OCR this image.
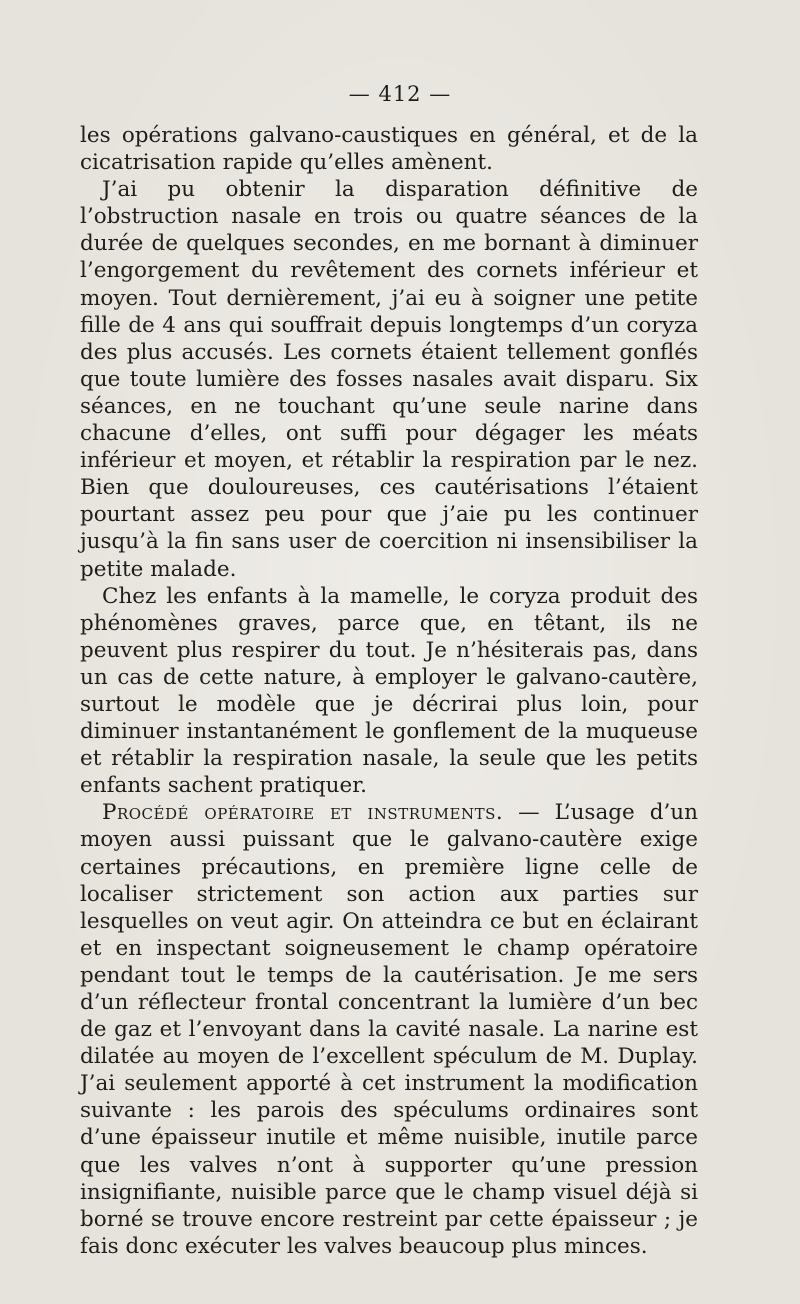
— 412 —

les opérations galvano-caustiques en général, et de la cicatrisation rapide qu’elles amènent.

J’ai pu obtenir la disparation définitive de l’obstruction nasale en trois ou quatre séances de la durée de quelques secondes, en me bornant à diminuer l’engorgement du revêtement des cornets inférieur et moyen. Tout dernièrement, j’ai eu à soigner une petite fille de 4 ans qui souffrait depuis longtemps d’un coryza des plus accusés. Les cornets étaient tellement gonflés que toute lumière des fosses nasales avait disparu. Six séances, en ne touchant qu’une seule narine dans chacune d’elles, ont suffi pour dégager les méats inférieur et moyen, et rétablir la respiration par le nez. Bien que douloureuses, ces cautérisations l’étaient pourtant assez peu pour que j’aie pu les continuer jusqu’à la fin sans user de coercition ni insensibiliser la petite malade.

Chez les enfants à la mamelle, le coryza produit des phénomènes graves, parce que, en têtant, ils ne peuvent plus respirer du tout. Je n’hésiterais pas, dans un cas de cette nature, à employer le galvano-cautère, surtout le modèle que je décrirai plus loin, pour diminuer instantanément le gonflement de la muqueuse et rétablir la respiration nasale, la seule que les petits enfants sachent pratiquer.

Procédé opératoire et instruments. — L’usage d’un moyen aussi puissant que le galvano-cautère exige certaines précautions, en première ligne celle de localiser strictement son action aux parties sur lesquelles on veut agir. On atteindra ce but en éclairant et en inspectant soigneusement le champ opératoire pendant tout le temps de la cautérisation. Je me sers d’un réflecteur frontal concentrant la lumière d’un bec de gaz et l’envoyant dans la cavité nasale. La narine est dilatée au moyen de l’excellent spéculum de M. Duplay. J’ai seulement apporté à cet instrument la modification suivante : les parois des spéculums ordinaires sont d’une épaisseur inutile et même nuisible, inutile parce que les valves n’ont à supporter qu’une pression insignifiante, nuisible parce que le champ visuel déjà si borné se trouve encore restreint par cette épaisseur ; je fais donc exécuter les valves beaucoup plus minces.
